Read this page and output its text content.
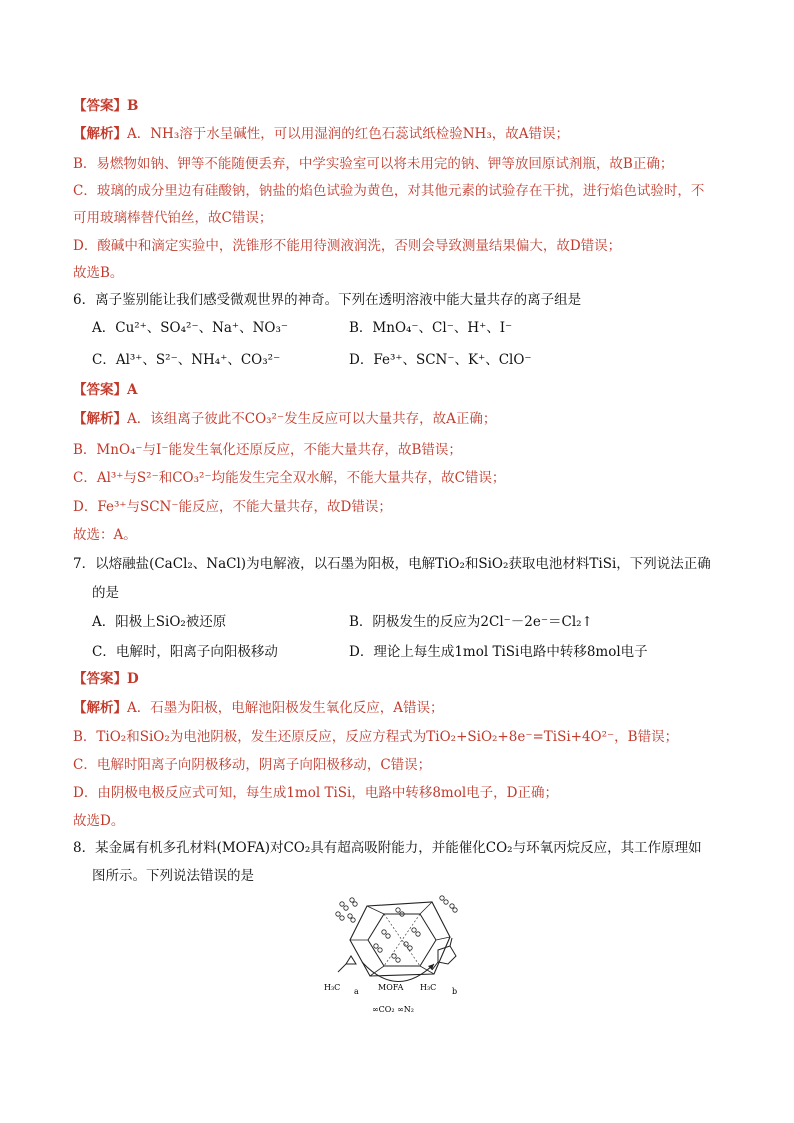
【答案】B
【解析】A．NH₃溶于水呈碱性，可以用湿润的红色石蕊试纸检验NH₃，故A错误；
B．易燃物如钠、钾等不能随便丢弃，中学实验室可以将未用完的钠、钾等放回原试剂瓶，故B正确；
C．玻璃的成分里边有硅酸钠，钠盐的焰色试验为黄色，对其他元素的试验存在干扰，进行焰色试验时，不
可用玻璃棒替代铂丝，故C错误；
D．酸碱中和滴定实验中，洗锥形不能用待测液润洗，否则会导致测量结果偏大，故D错误；
故选B。
6．离子鉴别能让我们感受微观世界的神奇。下列在透明溶液中能大量共存的离子组是
A．Cu²⁺、SO₄²⁻、Na⁺、NO₃⁻	B．MnO₄⁻、Cl⁻、H⁺、I⁻
C．Al³⁺、S²⁻、NH₄⁺、CO₃²⁻	D．Fe³⁺、SCN⁻、K⁺、ClO⁻
【答案】A
【解析】A．该组离子彼此不CO₃²⁻发生反应可以大量共存，故A正确；
B．MnO₄⁻与I⁻能发生氧化还原反应，不能大量共存，故B错误；
C．Al³⁺与S²⁻和CO₃²⁻均能发生完全双水解，不能大量共存，故C错误；
D．Fe³⁺与SCN⁻能反应，不能大量共存，故D错误；
故选：A。
7．以熔融盐(CaCl₂、NaCl)为电解液，以石墨为阳极，电解TiO₂和SiO₂获取电池材料TiSi，下列说法正确
的是
A．阳极上SiO₂被还原	B．阴极发生的反应为2Cl⁻－2e⁻＝Cl₂↑
C．电解时，阳离子向阳极移动	D．理论上每生成1mol TiSi电路中转移8mol电子
【答案】D
【解析】A．石墨为阳极，电解池阳极发生氧化反应，A错误；
B．TiO₂和SiO₂为电池阴极，发生还原反应，反应方程式为TiO₂+SiO₂+8e⁻=TiSi+4O²⁻，B错误；
C．电解时阳离子向阴极移动，阴离子向阳极移动，C错误；
D．由阴极电极反应式可知，每生成1mol TiSi，电路中转移8mol电子，D正确；
故选D。
8．某金属有机多孔材料(MOFA)对CO₂具有超高吸附能力，并能催化CO₂与环氧丙烷反应，其工作原理如
图所示。下列说法错误的是
H₃C a MOFA H₃C b
∞CO₂ ∞N₂
